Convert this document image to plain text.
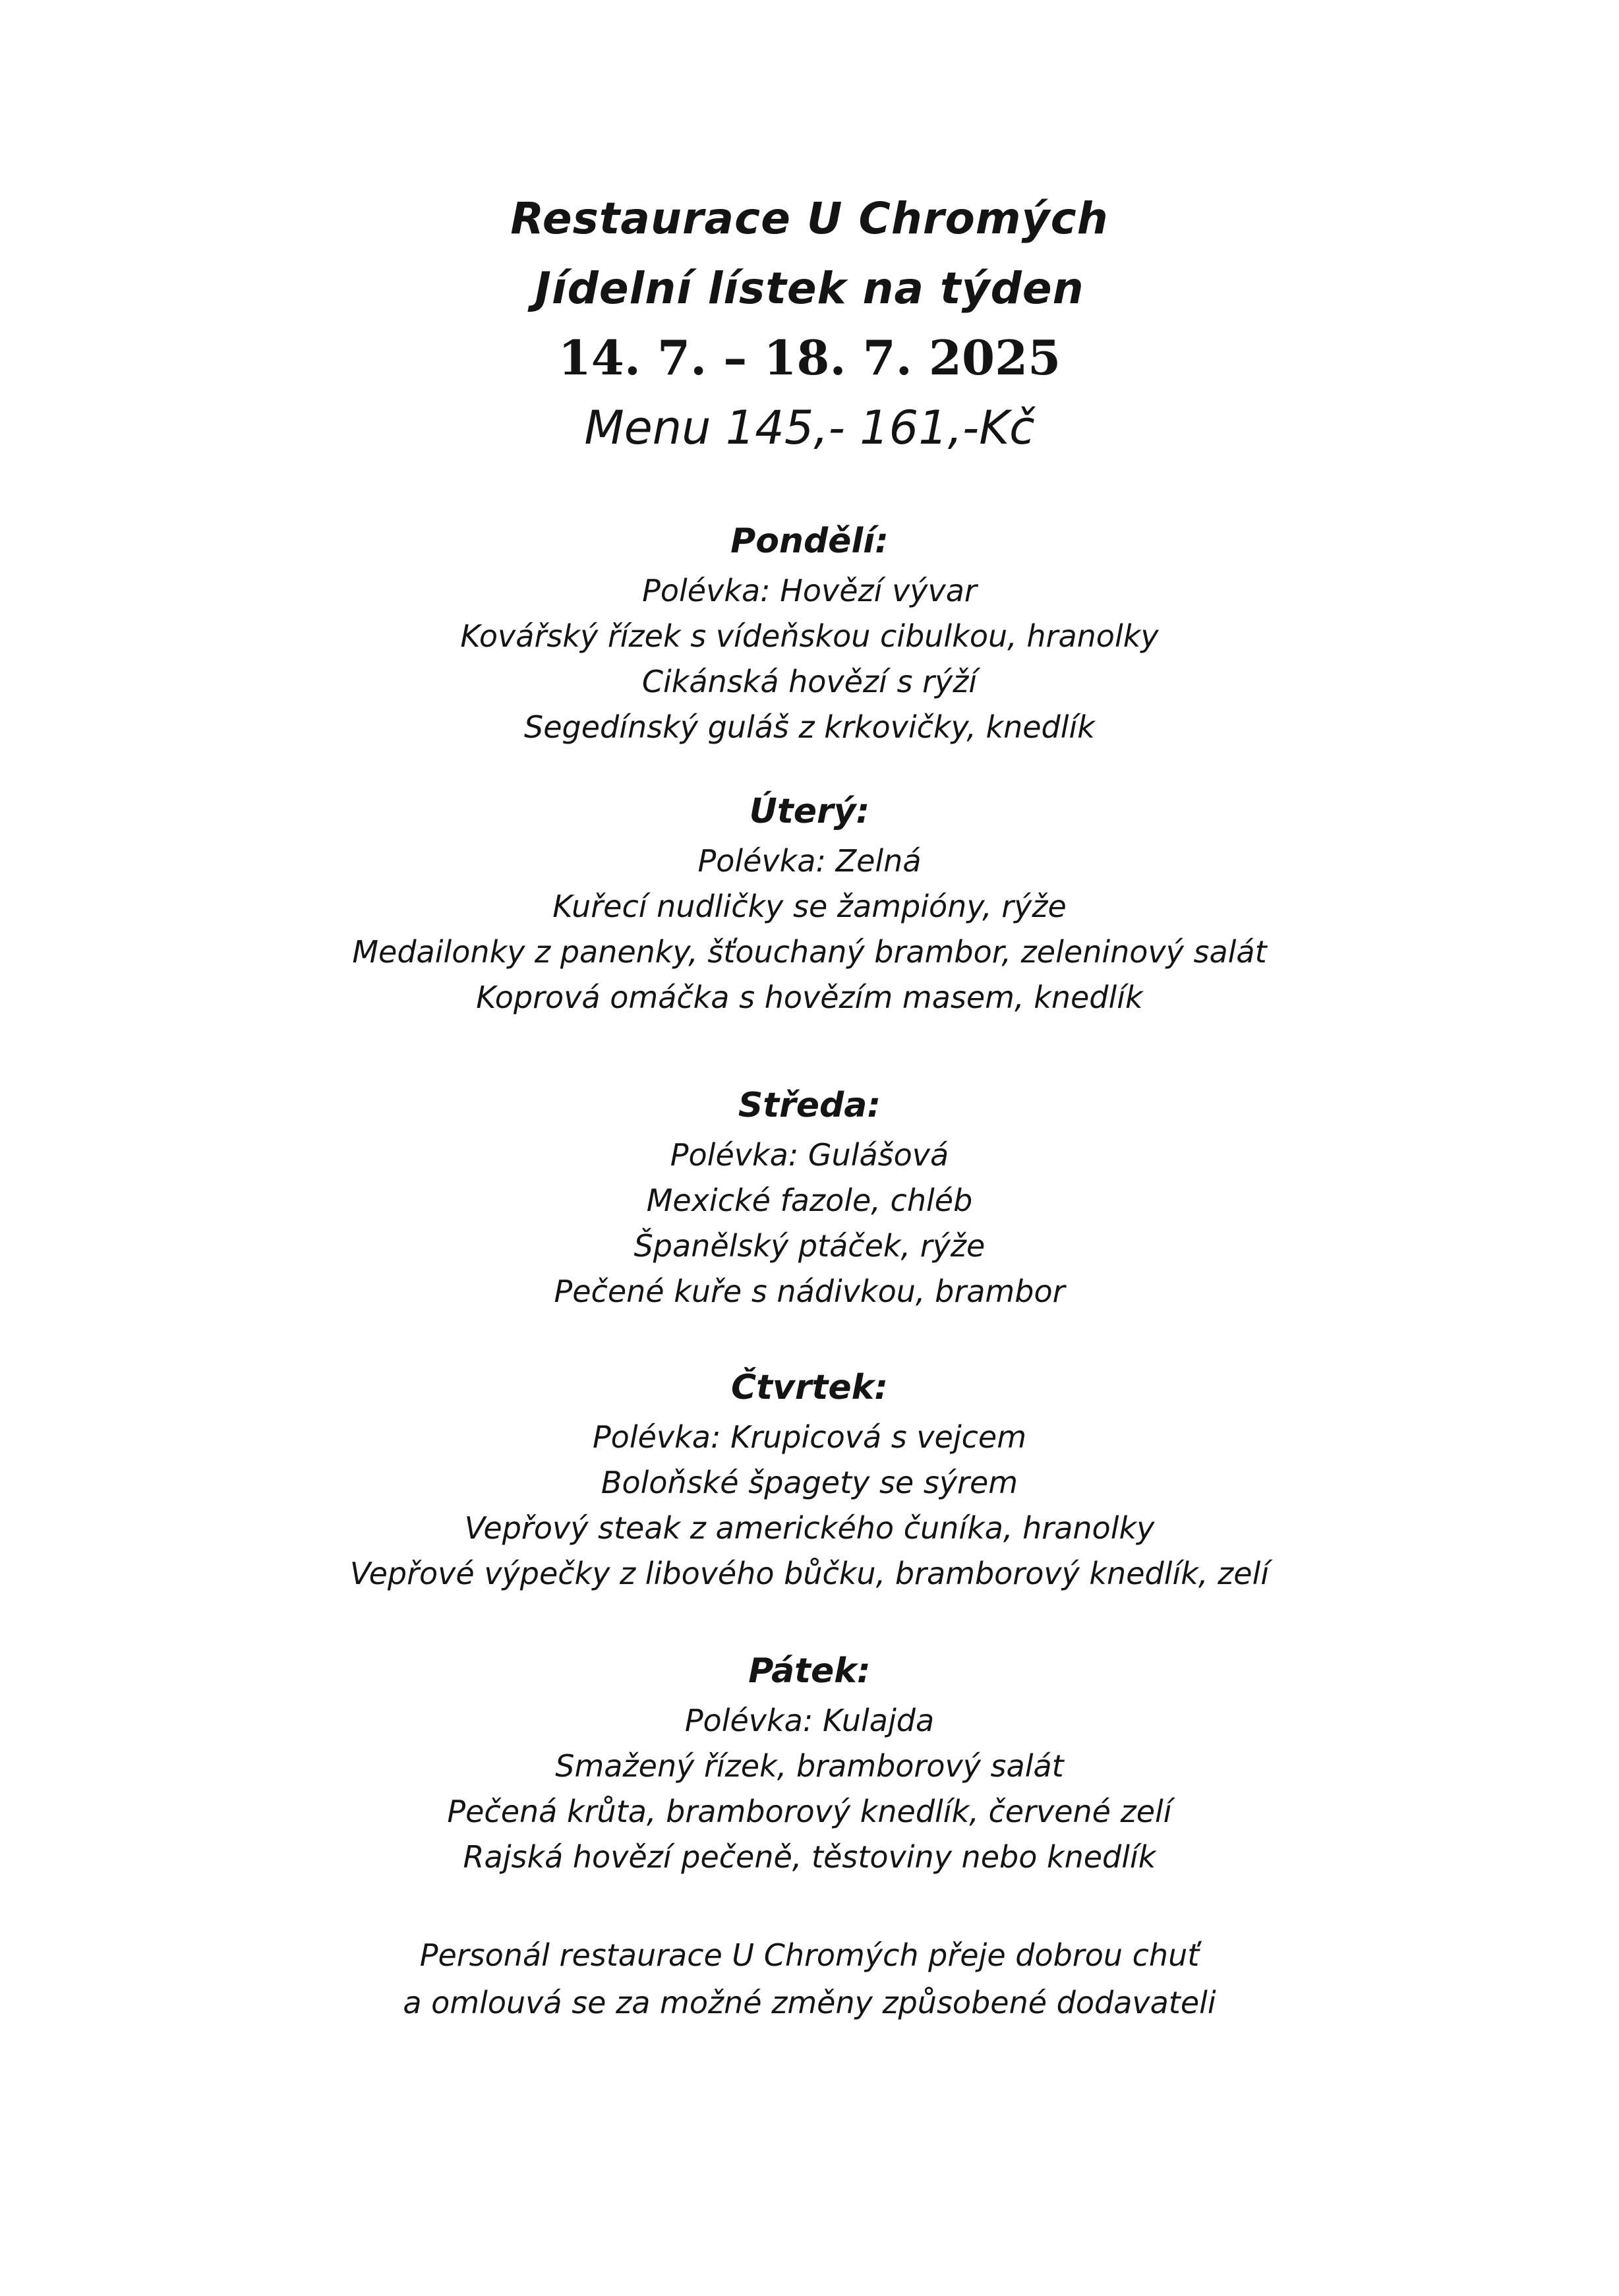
Restaurace U Chromých
Jídelní lístek na týden
14. 7. – 18. 7. 2025
Menu 145,- 161,-Kč
Pondělí:
Polévka: Hovězí vývar
Kovářský řízek s vídeňskou cibulkou, hranolky
Cikánská hovězí s rýží
Segedínský guláš z krkovičky, knedlík
Úterý:
Polévka: Zelná
Kuřecí nudličky se žampióny, rýže
Medailonky z panenky, šťouchaný brambor, zeleninový salát
Koprová omáčka s hovězím masem, knedlík
Středa:
Polévka: Gulášová
Mexické fazole, chléb
Španělský ptáček, rýže
Pečené kuře s nádivkou, brambor
Čtvrtek:
Polévka: Krupicová s vejcem
Boloňské špagety se sýrem
Vepřový steak z amerického čuníka, hranolky
Vepřové výpečky z libového bůčku, bramborový knedlík, zelí
Pátek:
Polévka: Kulajda
Smažený řízek, bramborový salát
Pečená krůta, bramborový knedlík, červené zelí
Rajská hovězí pečeně, těstoviny nebo knedlík
Personál restaurace U Chromých přeje dobrou chuť
a omlouvá se za možné změny způsobené dodavateli
